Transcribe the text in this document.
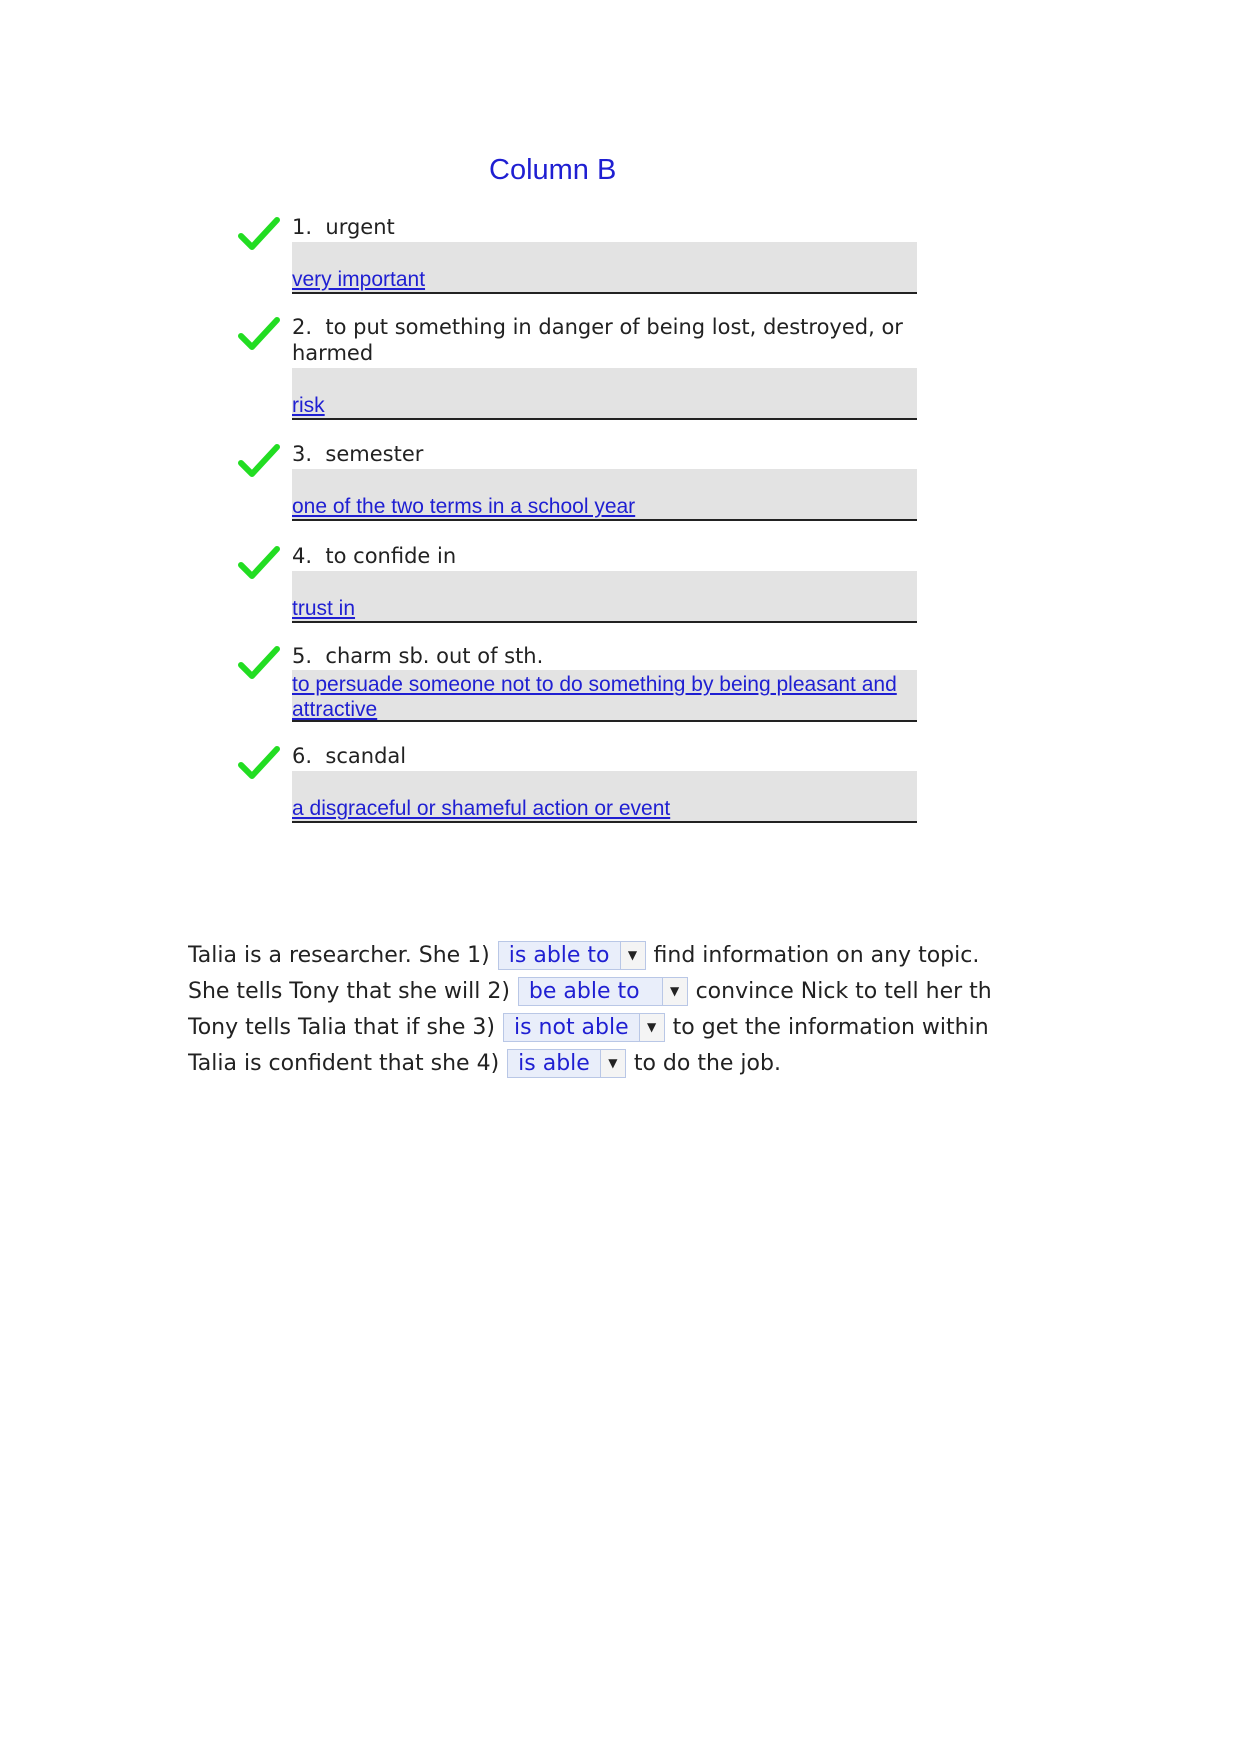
Column B
1. urgent
very important
2. to put something in danger of being lost, destroyed, or harmed
risk
3. semester
one of the two terms in a school year
4. to confide in
trust in
5. charm sb. out of sth.
to persuade someone not to do something by being pleasant and attractive
6. scandal
a disgraceful or shameful action or event
Talia is a researcher. She 1) is able to	▼ find information on any topic.
She tells Tony that she will 2) be able to	▼ convince Nick to tell her th
Tony tells Talia that if she 3) is not able	▼ to get the information within
Talia is confident that she 4) is able	▼ to do the job.
